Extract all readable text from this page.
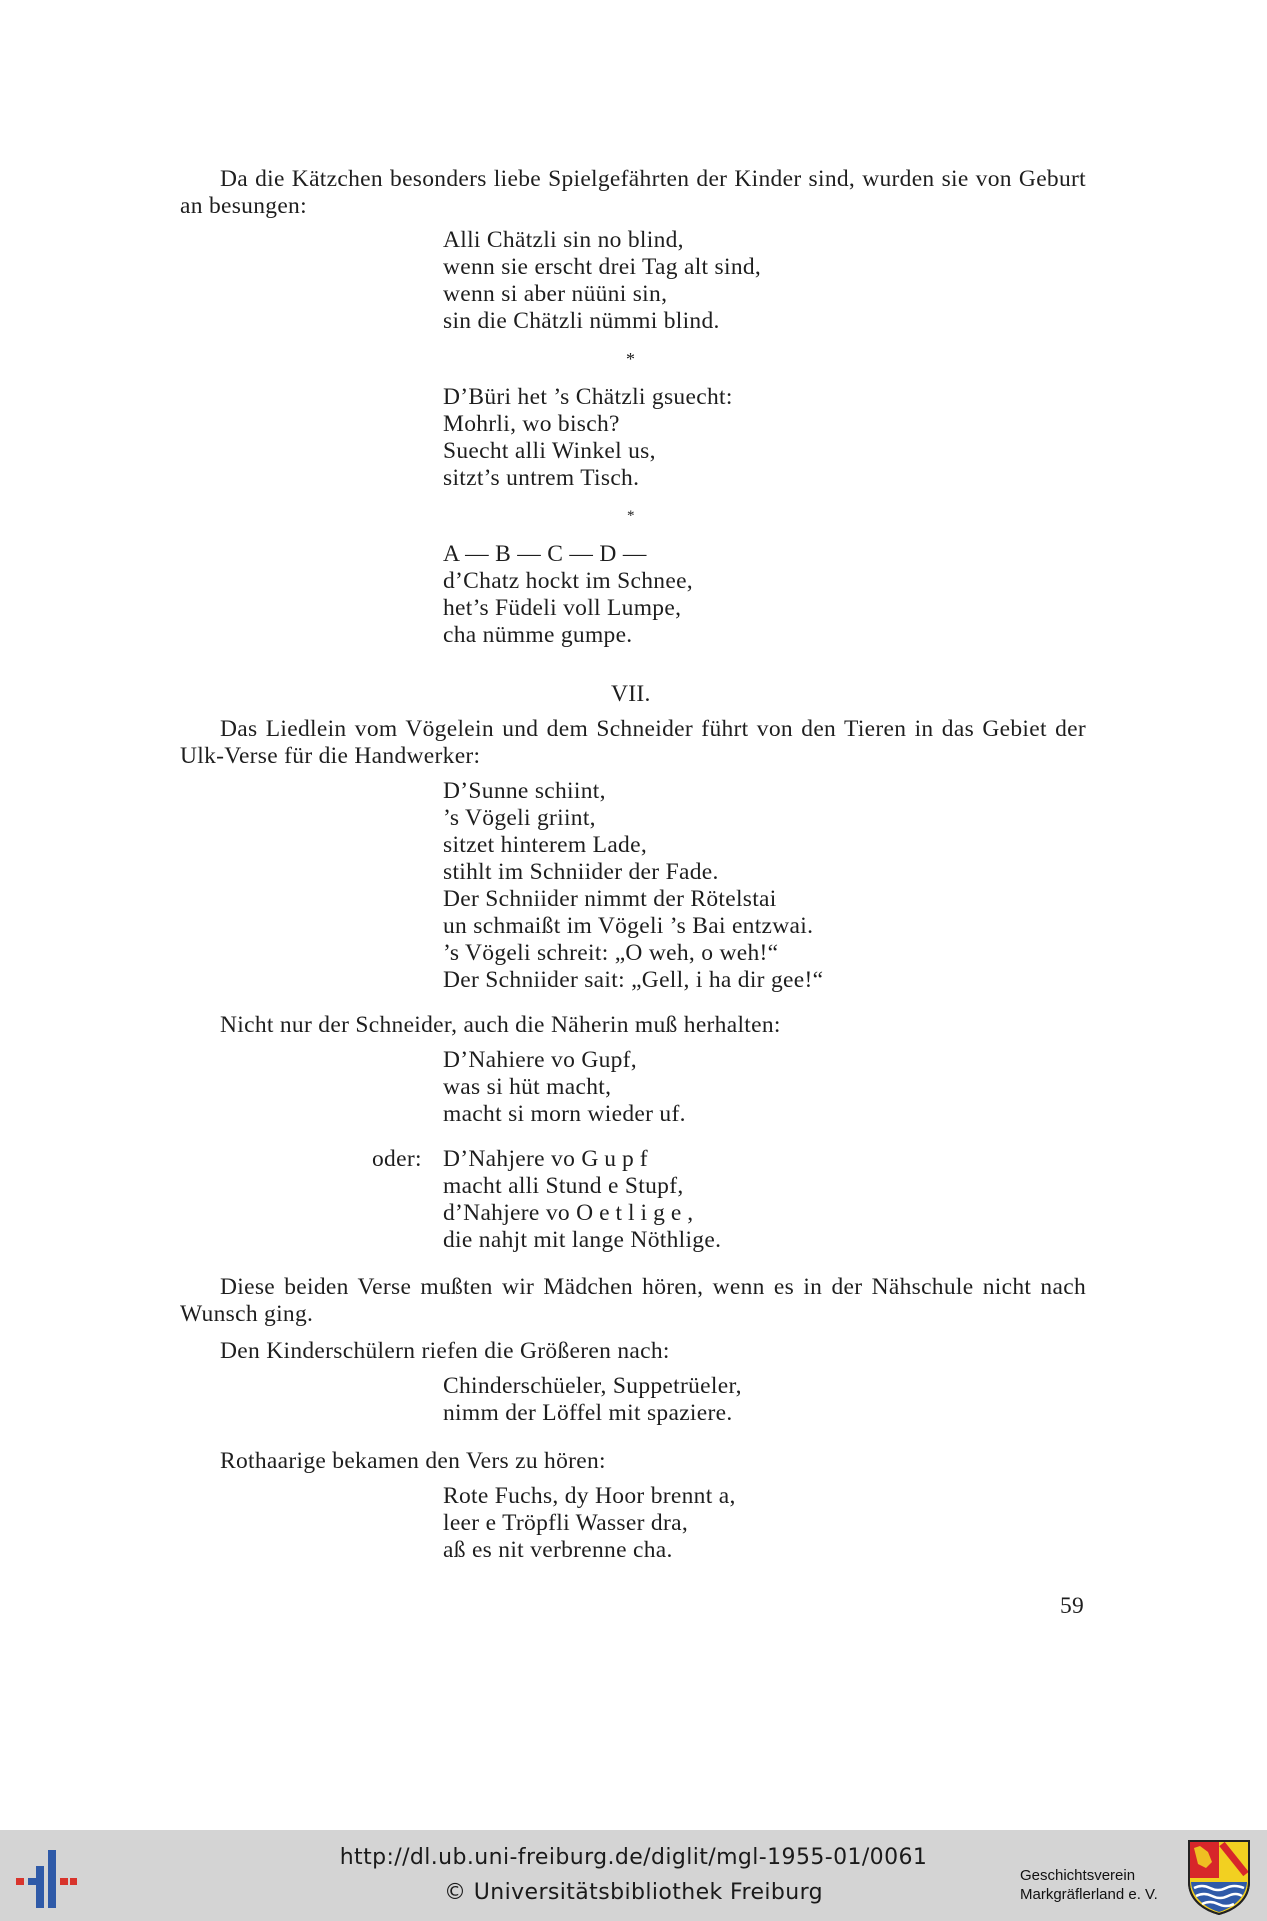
Da die Kätzchen besonders liebe Spielgefährten der Kinder sind, wurden sie von Geburt an besungen:
Alli Chätzli sin no blind,
wenn sie erscht drei Tag alt sind,
wenn si aber nüüni sin,
sin die Chätzli nümmi blind.
*
D’Büri het ’s Chätzli gsuecht:
Mohrli, wo bisch?
Suecht alli Winkel us,
sitzt’s untrem Tisch.
*
A — B — C — D —
d’Chatz hockt im Schnee,
het’s Füdeli voll Lumpe,
cha nümme gumpe.
VII.
Das Liedlein vom Vögelein und dem Schneider führt von den Tieren in das Gebiet der Ulk-Verse für die Handwerker:
D’Sunne schiint,
’s Vögeli griint,
sitzet hinterem Lade,
stihlt im Schniider der Fade.
Der Schniider nimmt der Rötelstai
un schmaißt im Vögeli ’s Bai entzwai.
’s Vögeli schreit: „O weh, o weh!“
Der Schniider sait: „Gell, i ha dir gee!“
Nicht nur der Schneider, auch die Näherin muß herhalten:
D’Nahiere vo Gupf,
was si hüt macht,
macht si morn wieder uf.
oder: D’Nahjere vo Gupf
macht alli Stund e Stupf,
d’Nahjere vo Oetlige,
die nahjt mit lange Nöthlige.
Diese beiden Verse mußten wir Mädchen hören, wenn es in der Nähschule nicht nach Wunsch ging.
Den Kinderschülern riefen die Größeren nach:
Chinderschüeler, Suppetrüeler,
nimm der Löffel mit spaziere.
Rothaarige bekamen den Vers zu hören:
Rote Fuchs, dy Hoor brennt a,
leer e Tröpfli Wasser dra,
aß es nit verbrenne cha.
59
http://dl.ub.uni-freiburg.de/diglit/mgl-1955-01/0061
© Universitätsbibliothek Freiburg
Geschichtsverein
Markgräflerland e. V.
